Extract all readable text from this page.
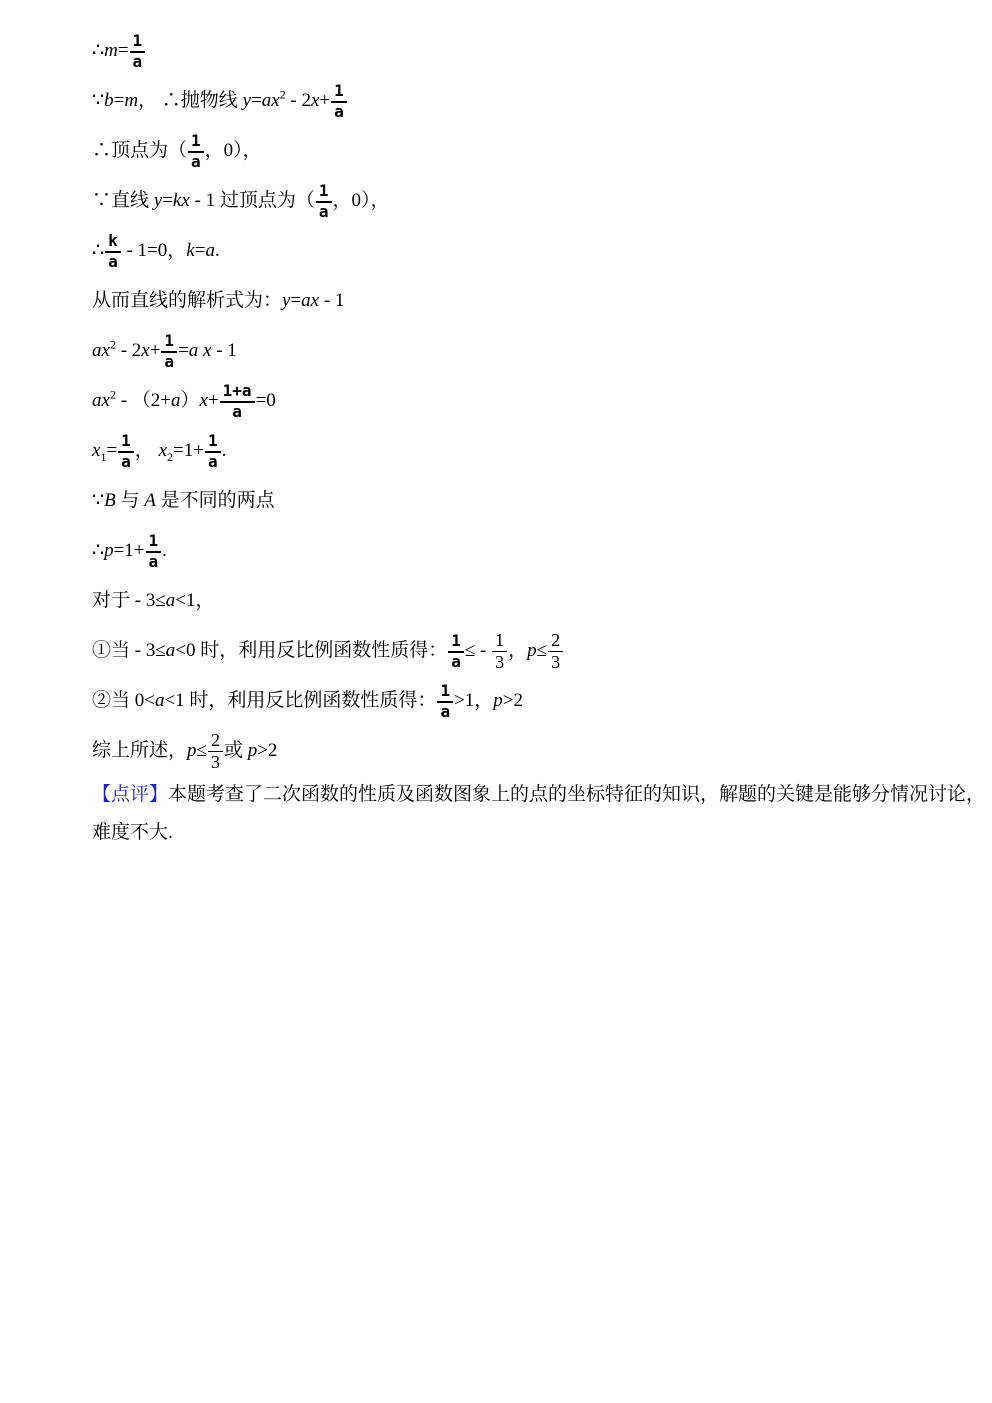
∴m= $\frac{1}{a}$
∵b=m， ∴抛物线 $y=ax^2 - 2x+ \frac{1}{a}$
∴顶点为（ $\frac{1}{a}$ ，0），
∵直线 y=kx - 1 过顶点为（ $\frac{1}{a}$ ，0），
∴ $\frac{k}{a} - 1=0$，k=a.
从而直线的解析式为：y=ax - 1
$ax^2 - 2x+ \frac{1}{a} =a$ x - 1
$ax^2 - (2+a)x+ \frac{1+a}{a} =0$
$x_1= \frac{1}{a}$ ， $x_2=1+ \frac{1}{a}$ .
∵B 与 A 是不同的两点
∴p=1+ $\frac{1}{a}$ .
对于 - 3≤a<1，
①当 - 3≤a<0 时，利用反比例函数性质得： $\frac{1}{a}$ ≤ - $\frac{1}{3}$ ，$p\le \frac{2}{3}$
②当 0<a<1 时，利用反比例函数性质得： $\frac{1}{a} >1$，p>2
综上所述，$p\le \frac{2}{3}$ 或 p>2
【点评】本题考查了二次函数的性质及函数图象上的点的坐标特征的知识，解题的关键是能够分情况讨论，
难度不大.
